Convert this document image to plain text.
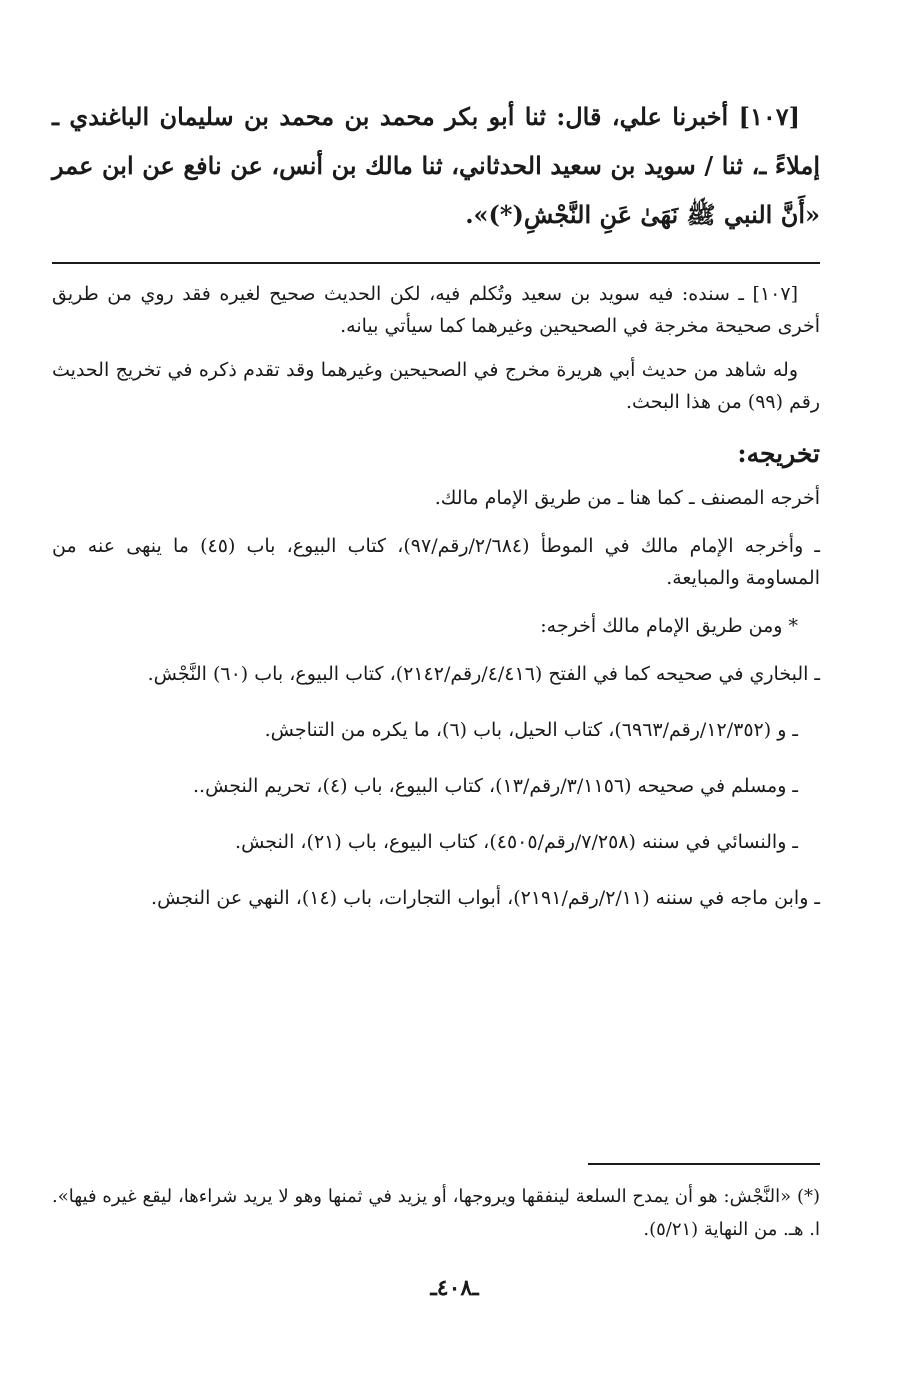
[١٠٧] أخبرنا علي، قال: ثنا أبو بكر محمد بن محمد بن سليمان الباغندي ـ إملاءً ـ، ثنا / سويد بن سعيد الحدثاني، ثنا مالك بن أنس، عن نافع عن ابن عمر «أَنَّ النبي ﷺ نَهَىٰ عَنِ النَّجْشِ(*)».

[١٠٧] ـ سنده: فيه سويد بن سعيد وتُكلم فيه، لكن الحديث صحيح لغيره فقد روي من طريق أخرى صحيحة مخرجة في الصحيحين وغيرهما كما سيأتي بيانه.

وله شاهد من حديث أبي هريرة مخرج في الصحيحين وغيرهما وقد تقدم ذكره في تخريج الحديث رقم (٩٩) من هذا البحث.

تخريجه:

أخرجه المصنف ـ كما هنا ـ من طريق الإمام مالك.

ـ وأخرجه الإمام مالك في الموطأ (٢/٦٨٤/رقم/٩٧)، كتاب البيوع، باب (٤٥) ما ينهى عنه من المساومة والمبايعة.

* ومن طريق الإمام مالك أخرجه:

ـ البخاري في صحيحه كما في الفتح (٤/٤١٦/رقم/٢١٤٢)، كتاب البيوع، باب (٦٠) النَّجْش.

ـ و (١٢/٣٥٢/رقم/٦٩٦٣)، كتاب الحيل، باب (٦)، ما يكره من التناجش.

ـ ومسلم في صحيحه (٣/١١٥٦/رقم/١٣)، كتاب البيوع، باب (٤)، تحريم النجش..

ـ والنسائي في سننه (٧/٢٥٨/رقم/٤٥٠٥)، كتاب البيوع، باب (٢١)، النجش.

ـ وابن ماجه في سننه (٢/١١/رقم/٢١٩١)، أبواب التجارات، باب (١٤)، النهي عن النجش.

(*) «النَّجْش: هو أن يمدح السلعة لينفقها ويروجها، أو يزيد في ثمنها وهو لا يريد شراءها، ليقع غيره فيها». ا. هـ. من النهاية (٥/٢١).

ـ٤٠٨ـ
